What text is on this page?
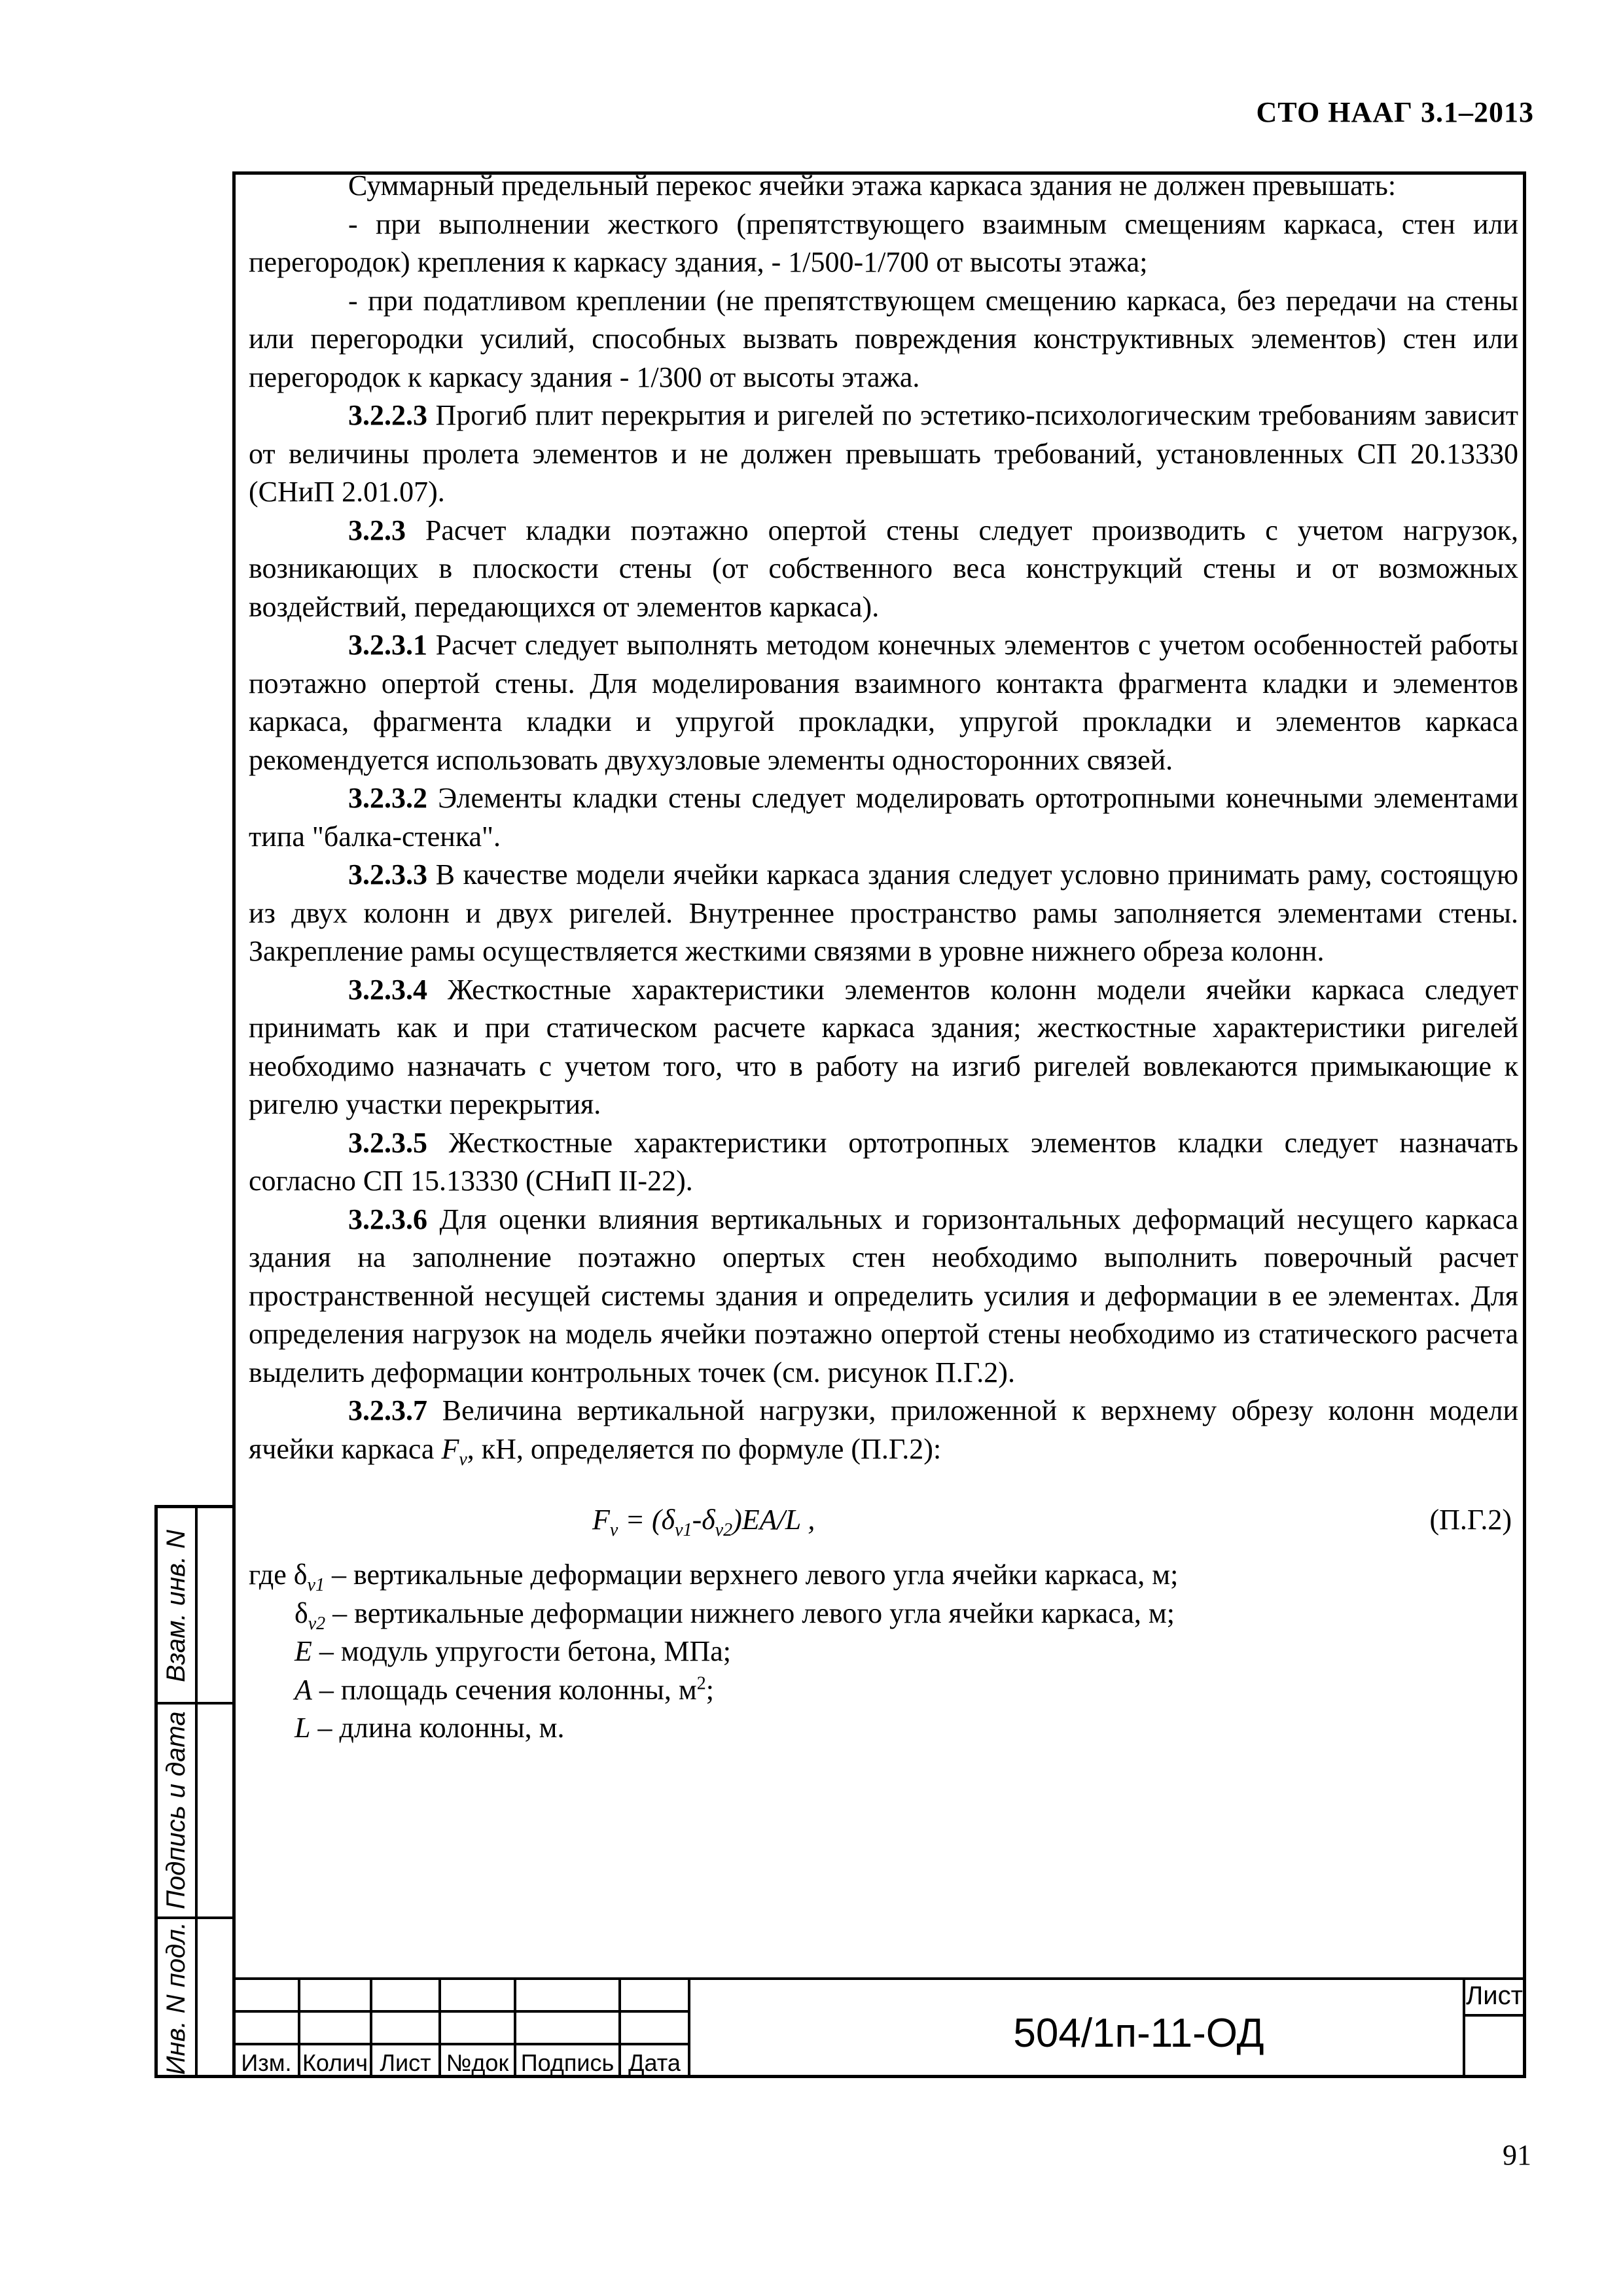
СТО НААГ 3.1–2013

Суммарный предельный перекос ячейки этажа каркаса здания не должен превышать:

- при выполнении жесткого (препятствующего взаимным смещениям каркаса, стен или перегородок) крепления к каркасу здания, - 1/500-1/700 от высоты этажа;

- при податливом креплении (не препятствующем смещению каркаса, без передачи на стены или перегородки усилий, способных вызвать повреждения конструктивных элементов) стен или перегородок к каркасу здания - 1/300 от высоты этажа.

3.2.2.3 Прогиб плит перекрытия и ригелей по эстетико-психологическим требованиям зависит от величины пролета элементов и не должен превышать требований, установленных СП 20.13330 (СНиП 2.01.07).

3.2.3 Расчет кладки поэтажно опертой стены следует производить с учетом нагрузок, возникающих в плоскости стены (от собственного веса конструкций стены и от возможных воздействий, передающихся от элементов каркаса).

3.2.3.1 Расчет следует выполнять методом конечных элементов с учетом особенностей работы поэтажно опертой стены. Для моделирования взаимного контакта фрагмента кладки и элементов каркаса, фрагмента кладки и упругой прокладки, упругой прокладки и элементов каркаса рекомендуется использовать двухузловые элементы односторонних связей.

3.2.3.2 Элементы кладки стены следует моделировать ортотропными конечными элементами типа "балка-стенка".

3.2.3.3 В качестве модели ячейки каркаса здания следует условно принимать раму, состоящую из двух колонн и двух ригелей. Внутреннее пространство рамы заполняется элементами стены. Закрепление рамы осуществляется жесткими связями в уровне нижнего обреза колонн.

3.2.3.4 Жесткостные характеристики элементов колонн модели ячейки каркаса следует принимать как и при статическом расчете каркаса здания; жесткостные характеристики ригелей необходимо назначать с учетом того, что в работу на изгиб ригелей вовлекаются примыкающие к ригелю участки перекрытия.

3.2.3.5 Жесткостные характеристики ортотропных элементов кладки следует назначать согласно СП 15.13330 (СНиП II-22).

3.2.3.6 Для оценки влияния вертикальных и горизонтальных деформаций несущего каркаса здания на заполнение поэтажно опертых стен необходимо выполнить поверочный расчет пространственной несущей системы здания и определить усилия и деформации в ее элементах. Для определения нагрузок на модель ячейки поэтажно опертой стены необходимо из статического расчета выделить деформации контрольных точек (см. рисунок П.Г.2).

3.2.3.7 Величина вертикальной нагрузки, приложенной к верхнему обрезу колонн модели ячейки каркаса $F_v$, кН, определяется по формуле (П.Г.2):

$F_v = (\delta_{v1}-\delta_{v2})EA/L$ ,	(П.Г.2)
где $\delta_{v1}$ – вертикальные деформации верхнего левого угла ячейки каркаса, м;
$\delta_{v2}$ – вертикальные деформации нижнего левого угла ячейки каркаса, м;
E – модуль упругости бетона, МПа;
A – площадь сечения колонны, $м^2$;
L – длина колонны, м.
Взам. инв. N
Подпись и дата
Инв. N подл. Изм. Колич Лист №док Подпись Дата
504/1п-11-ОД
Лист
91
